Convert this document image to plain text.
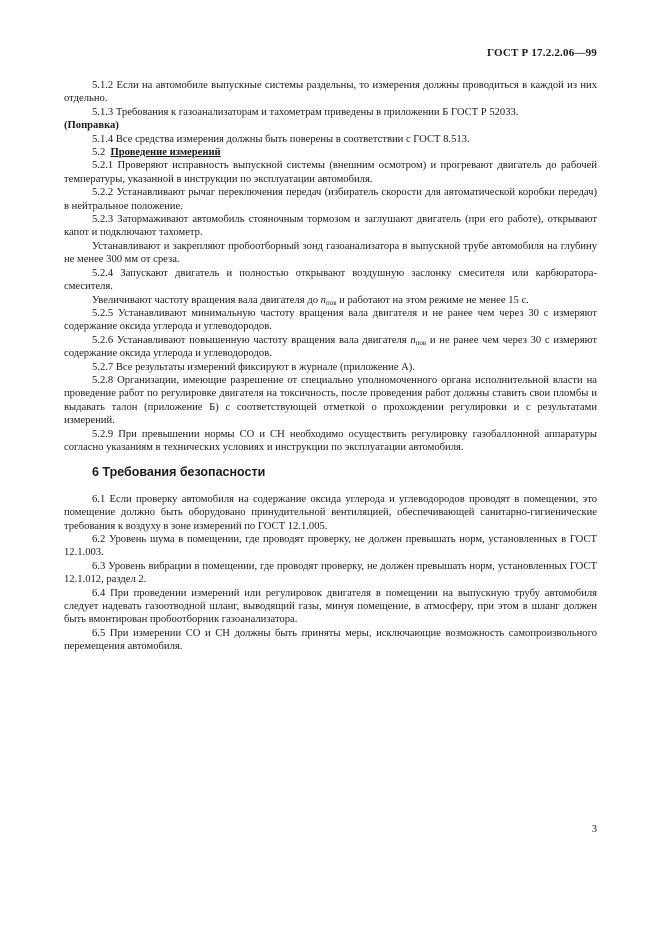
ГОСТ Р 17.2.2.06—99

5.1.2 Если на автомобиле выпускные системы раздельны, то измерения должны проводиться в каждой из них отдельно.

5.1.3 Требования к газоанализаторам и тахометрам приведены в приложении Б ГОСТ Р 52033.

(Поправка)

5.1.4 Все средства измерения должны быть поверены в соответствии с ГОСТ 8.513.

5.2 Проведение измерений

5.2.1 Проверяют исправность выпускной системы (внешним осмотром) и прогревают двигатель до рабочей температуры, указанной в инструкции по эксплуатации автомобиля.

5.2.2 Устанавливают рычаг переключения передач (избиратель скорости для автоматической коробки передач) в нейтральное положение.

5.2.3 Затормаживают автомобиль стояночным тормозом и заглушают двигатель (при его работе), открывают капот и подключают тахометр.

Устанавливают и закрепляют пробоотборный зонд газоанализатора в выпускной трубе автомобиля на глубину не менее 300 мм от среза.

5.2.4 Запускают двигатель и полностью открывают воздушную заслонку смесителя или карбюратора-смесителя.

Увеличивают частоту вращения вала двигателя до $n_{пов}$ и работают на этом режиме не менее 15 с.

5.2.5 Устанавливают минимальную частоту вращения вала двигателя и не ранее чем через 30 с измеряют содержание оксида углерода и углеводородов.

5.2.6 Устанавливают повышенную частоту вращения вала двигателя $n_{пов}$ и не ранее чем через 30 с измеряют содержание оксида углерода и углеводородов.

5.2.7 Все результаты измерений фиксируют в журнале (приложение А).

5.2.8 Организации, имеющие разрешение от специально уполномоченного органа исполнительной власти на проведение работ по регулировке двигателя на токсичность, после проведения работ должны ставить свои пломбы и выдавать талон (приложение Б) с соответствующей отметкой о прохождении регулировки и с результатами измерений.

5.2.9 При превышении нормы СО и СН необходимо осуществить регулировку газобаллонной аппаратуры согласно указаниям в технических условиях и инструкции по эксплуатации автомобиля.

6 Требования безопасности

6.1 Если проверку автомобиля на содержание оксида углерода и углеводородов проводят в помещении, это помещение должно быть оборудовано принудительной вентиляцией, обеспечивающей санитарно-гигиенические требования к воздуху в зоне измерений по ГОСТ 12.1.005.

6.2 Уровень шума в помещении, где проводят проверку, не должен превышать норм, установленных в ГОСТ 12.1.003.

6.3 Уровень вибрации в помещении, где проводят проверку, не должен превышать норм, установленных ГОСТ 12.1.012, раздел 2.

6.4 При проведении измерений или регулировок двигателя в помещении на выпускную трубу автомобиля следует надевать газоотводной шланг, выводящий газы, минуя помещение, в атмосферу, при этом в шланг должен быть вмонтирован пробоотборник газоанализатора.

6.5 При измерении СО и СН должны быть приняты меры, исключающие возможность самопроизвольного перемещения автомобиля.

3
